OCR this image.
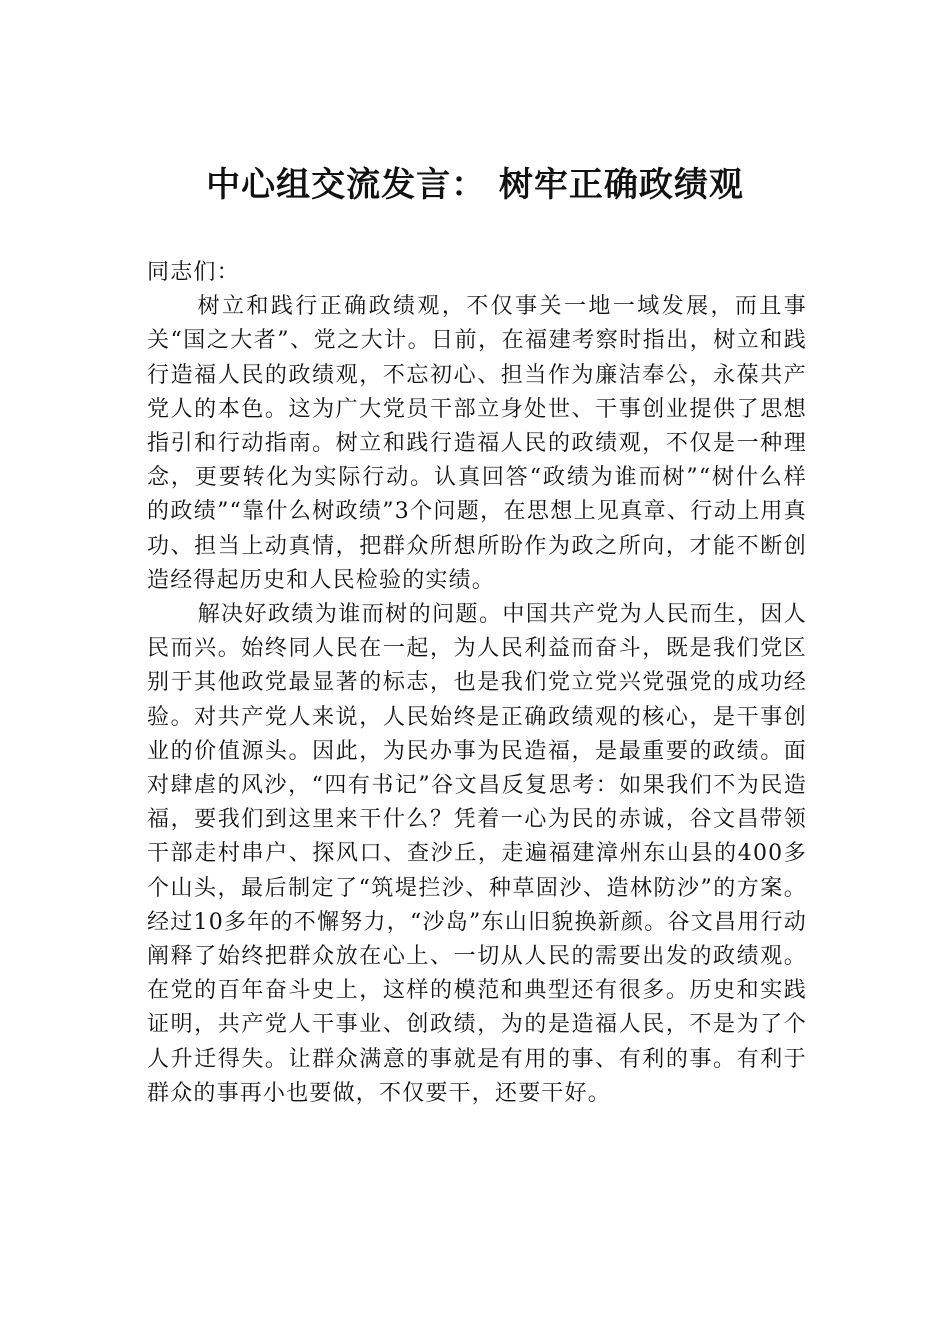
中心组交流发言： 树牢正确政绩观

同志们：

树立和践行正确政绩观，不仅事关一地一域发展，而且事关“国之大者”、党之大计。日前，在福建考察时指出，树立和践行造福人民的政绩观，不忘初心、担当作为廉洁奉公，永葆共产党人的本色。这为广大党员干部立身处世、干事创业提供了思想指引和行动指南。树立和践行造福人民的政绩观，不仅是一种理念，更要转化为实际行动。认真回答“政绩为谁而树”“树什么样的政绩”“靠什么树政绩”3个问题，在思想上见真章、行动上用真功、担当上动真情，把群众所想所盼作为政之所向，才能不断创造经得起历史和人民检验的实绩。

解决好政绩为谁而树的问题。中国共产党为人民而生，因人民而兴。始终同人民在一起，为人民利益而奋斗，既是我们党区别于其他政党最显著的标志，也是我们党立党兴党强党的成功经验。对共产党人来说，人民始终是正确政绩观的核心，是干事创业的价值源头。因此，为民办事为民造福，是最重要的政绩。面对肆虐的风沙，“四有书记”谷文昌反复思考：如果我们不为民造福，要我们到这里来干什么？凭着一心为民的赤诚，谷文昌带领干部走村串户、探风口、查沙丘，走遍福建漳州东山县的400多个山头，最后制定了“筑堤拦沙、种草固沙、造林防沙”的方案。经过10多年的不懈努力，“沙岛”东山旧貌换新颜。谷文昌用行动阐释了始终把群众放在心上、一切从人民的需要出发的政绩观。在党的百年奋斗史上，这样的模范和典型还有很多。历史和实践证明，共产党人干事业、创政绩，为的是造福人民，不是为了个人升迁得失。让群众满意的事就是有用的事、有利的事。有利于群众的事再小也要做，不仅要干，还要干好。
